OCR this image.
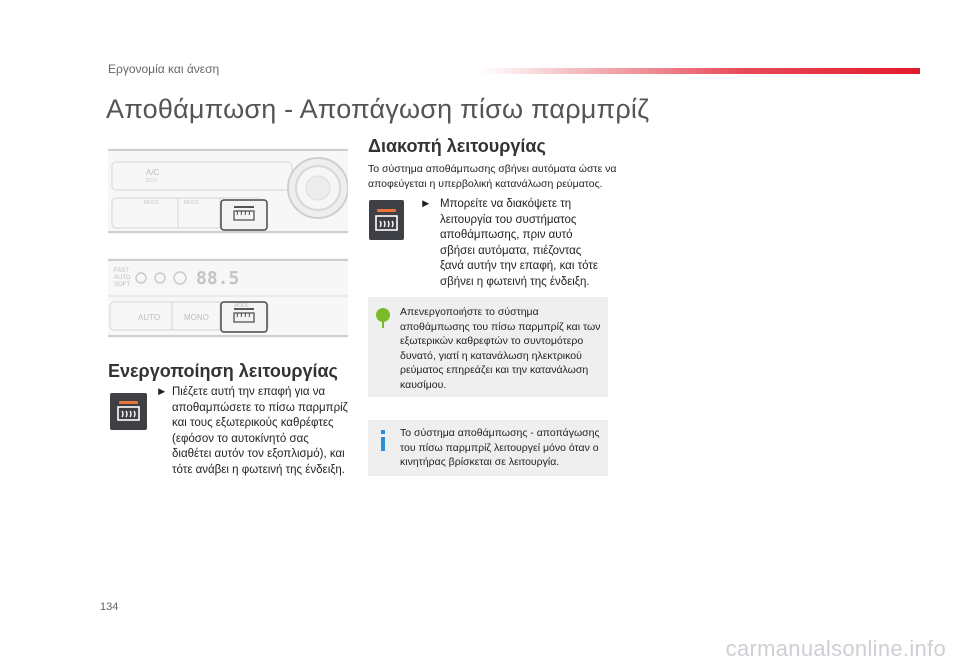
Εργονομία και άνεση
Αποθάμπωση - Αποπάγωση πίσω παρμπρίζ
A/C
ECO
MODE	MODE
FAST
AUTO
SOFT	88.5
AUTO	MONO
MODE
Ενεργοποίηση λειτουργίας
► Πιέζετε αυτή την επαφή για να αποθαμπώσετε το πίσω παρμπρίζ και τους εξωτερικούς καθρέφτες (εφόσον το αυτοκίνητό σας διαθέτει αυτόν τον εξοπλισμό), και τότε ανάβει η φωτεινή της ένδειξη.

Διακοπή λειτουργίας

Το σύστημα αποθάμπωσης σβήνει αυτόματα ώστε να αποφεύγεται η υπερβολική κατανάλωση ρεύματος.

► Μπορείτε να διακόψετε τη λειτουργία του συστήματος αποθάμπωσης, πριν αυτό σβήσει αυτόματα, πιέζοντας ξανά αυτήν την επαφή, και τότε σβήνει η φωτεινή της ένδειξη.

Απενεργοποιήστε το σύστημα αποθάμπωσης του πίσω παρμπρίζ και των εξωτερικών καθρεφτών το συντομότερο δυνατό, γιατί η κατανάλωση ηλεκτρικού ρεύματος επηρεάζει και την κατανάλωση καυσίμου.

Το σύστημα αποθάμπωσης - αποπάγωσης του πίσω παρμπρίζ λειτουργεί μόνο όταν ο κινητήρας βρίσκεται σε λειτουργία.

134
carmanualsonline.info
